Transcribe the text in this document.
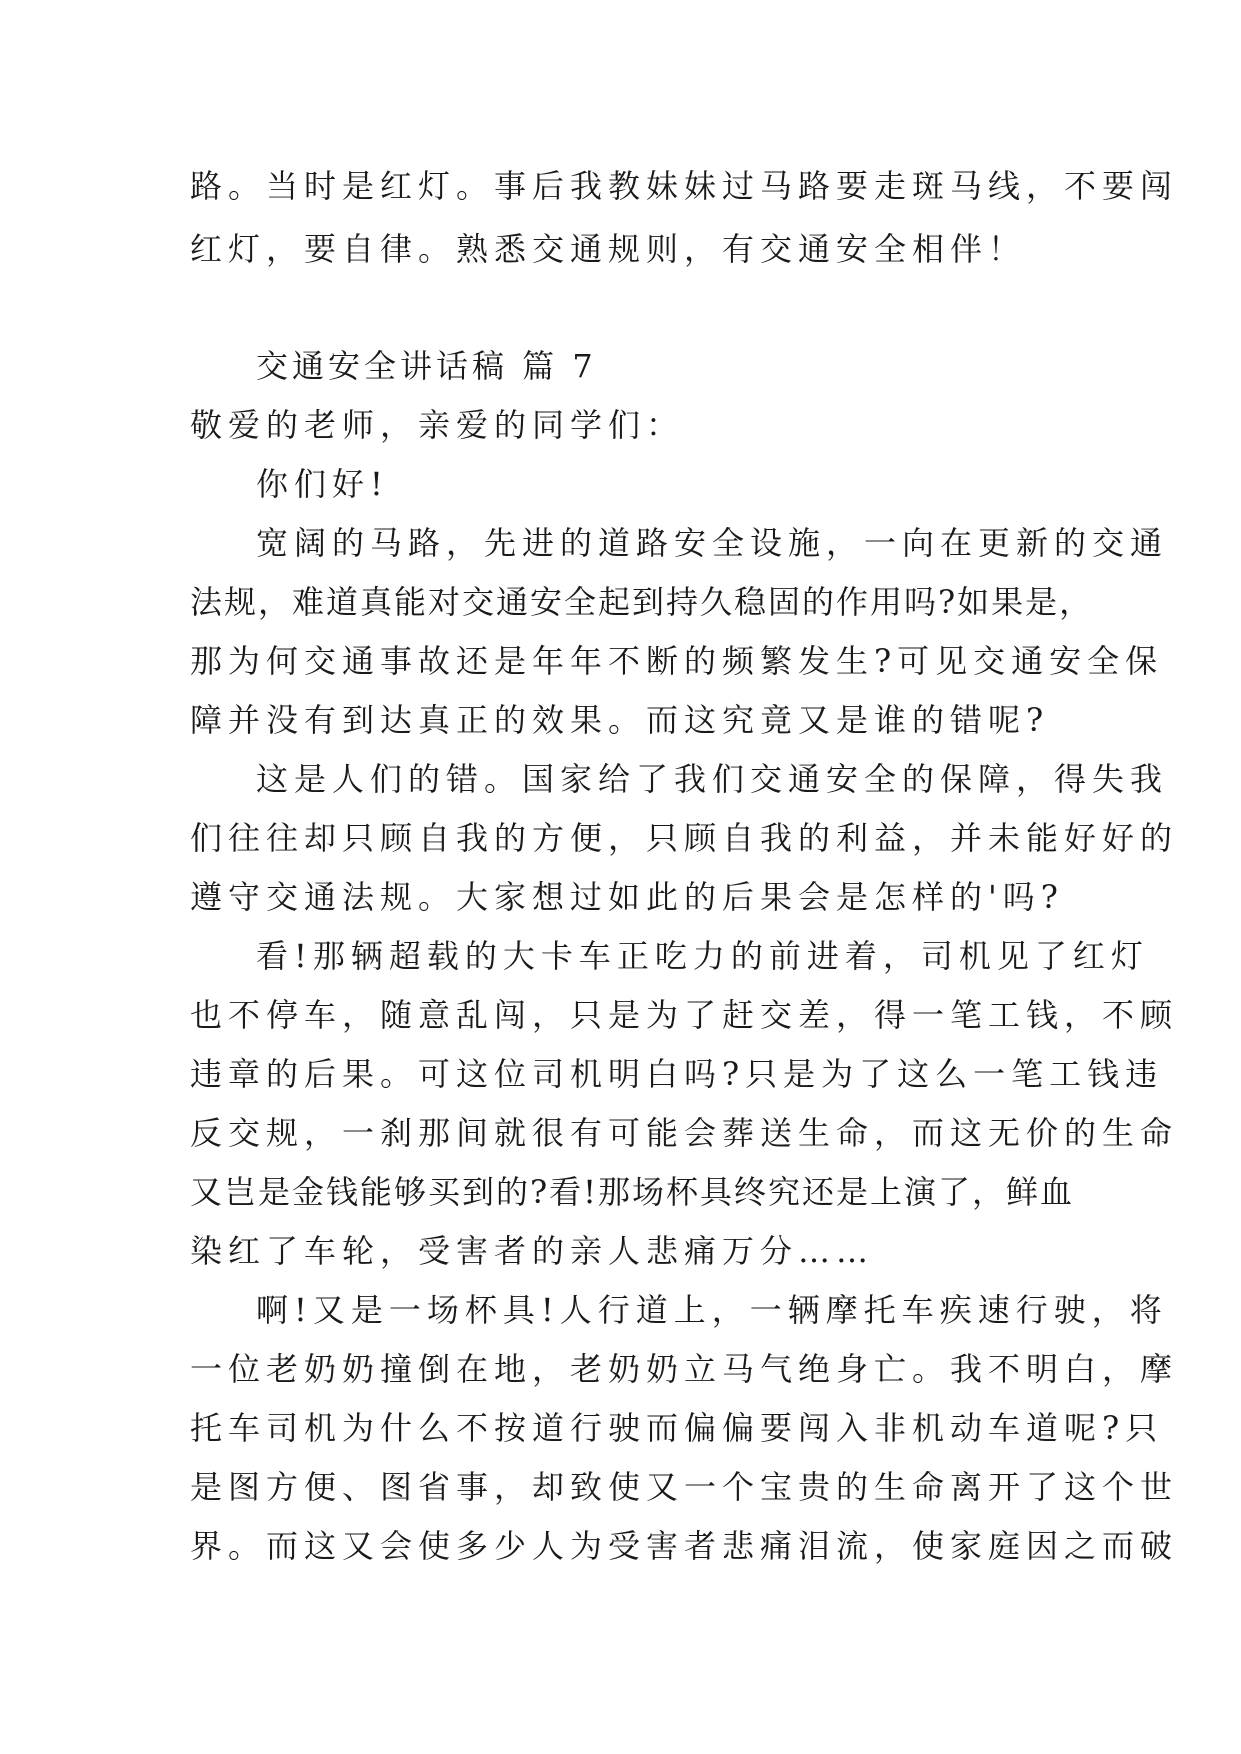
路。当时是红灯。事后我教妹妹过马路要走斑马线，不要闯
红灯，要自律。熟悉交通规则，有交通安全相伴！
交通安全讲话稿 篇 7
敬爱的老师，亲爱的同学们：
你们好!
宽阔的马路，先进的道路安全设施，一向在更新的交通
法规，难道真能对交通安全起到持久稳固的作用吗?如果是，
那为何交通事故还是年年不断的频繁发生?可见交通安全保
障并没有到达真正的效果。而这究竟又是谁的错呢?
这是人们的错。国家给了我们交通安全的保障，得失我
们往往却只顾自我的方便，只顾自我的利益，并未能好好的
遵守交通法规。大家想过如此的后果会是怎样的'吗?
看!那辆超载的大卡车正吃力的前进着，司机见了红灯
也不停车，随意乱闯，只是为了赶交差，得一笔工钱，不顾
违章的后果。可这位司机明白吗?只是为了这么一笔工钱违
反交规，一刹那间就很有可能会葬送生命，而这无价的生命
又岂是金钱能够买到的?看!那场杯具终究还是上演了，鲜血
染红了车轮，受害者的亲人悲痛万分……
啊!又是一场杯具!人行道上，一辆摩托车疾速行驶，将
一位老奶奶撞倒在地，老奶奶立马气绝身亡。我不明白，摩
托车司机为什么不按道行驶而偏偏要闯入非机动车道呢?只
是图方便、图省事，却致使又一个宝贵的生命离开了这个世
界。而这又会使多少人为受害者悲痛泪流，使家庭因之而破
